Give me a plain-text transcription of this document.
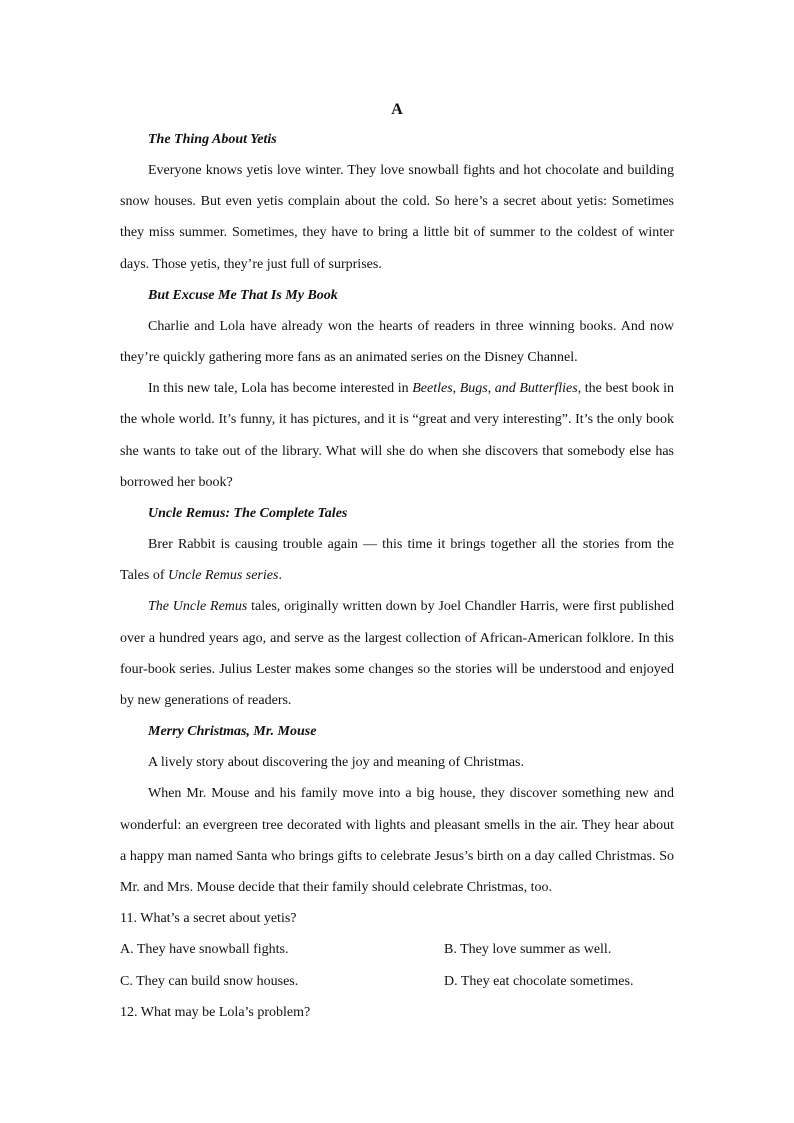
A

The Thing About Yetis

Everyone knows yetis love winter. They love snowball fights and hot chocolate and building snow houses. But even yetis complain about the cold. So here’s a secret about yetis: Sometimes they miss summer. Sometimes, they have to bring a little bit of summer to the coldest of winter days. Those yetis, they’re just full of surprises.

But Excuse Me That Is My Book

Charlie and Lola have already won the hearts of readers in three winning books. And now they’re quickly gathering more fans as an animated series on the Disney Channel.

In this new tale, Lola has become interested in Beetles, Bugs, and Butterflies, the best book in the whole world. It’s funny, it has pictures, and it is “great and very interesting”. It’s the only book she wants to take out of the library. What will she do when she discovers that somebody else has borrowed her book?

Uncle Remus: The Complete Tales

Brer Rabbit is causing trouble again — this time it brings together all the stories from the Tales of Uncle Remus series.

The Uncle Remus tales, originally written down by Joel Chandler Harris, were first published over a hundred years ago, and serve as the largest collection of African-American folklore. In this four-book series. Julius Lester makes some changes so the stories will be understood and enjoyed by new generations of readers.

Merry Christmas, Mr. Mouse

A lively story about discovering the joy and meaning of Christmas.

When Mr. Mouse and his family move into a big house, they discover something new and wonderful: an evergreen tree decorated with lights and pleasant smells in the air. They hear about a happy man named Santa who brings gifts to celebrate Jesus’s birth on a day called Christmas. So Mr. and Mrs. Mouse decide that their family should celebrate Christmas, too.

11. What’s a secret about yetis?

A. They have snowball fights.	B. They love summer as well.
C. They can build snow houses.	D. They eat chocolate sometimes.

12. What may be Lola’s problem?
